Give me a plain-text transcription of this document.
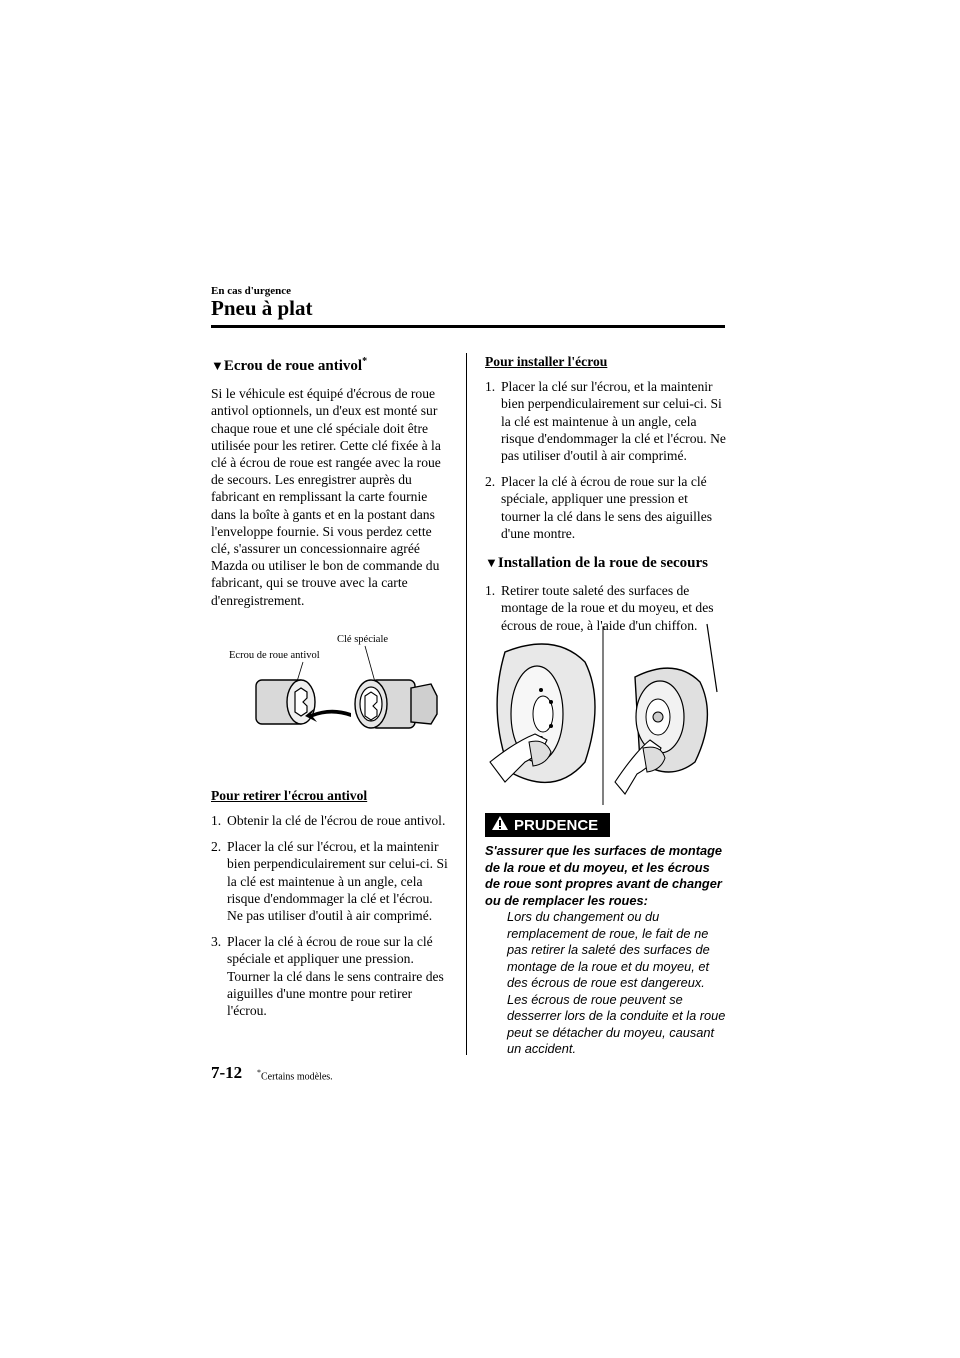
En cas d'urgence
Pneu à plat
▼Ecrou de roue antivol*

Si le véhicule est équipé d'écrous de roue antivol optionnels, un d'eux est monté sur chaque roue et une clé spéciale doit être utilisée pour les retirer. Cette clé fixée à la clé à écrou de roue est rangée avec la roue de secours. Les enregistrer auprès du fabricant en remplissant la carte fournie dans la boîte à gants et en la postant dans l'enveloppe fournie. Si vous perdez cette clé, s'assurer un concessionnaire agréé Mazda ou utiliser le bon de commande du fabricant, qui se trouve avec la carte d'enregistrement.

Pour retirer l'écrou antivol
1. Obtenir la clé de l'écrou de roue antivol.
2. Placer la clé sur l'écrou, et la maintenir bien perpendiculairement sur celui-ci. Si la clé est maintenue à un angle, cela risque d'endommager la clé et l'écrou. Ne pas utiliser d'outil à air comprimé.
3. Placer la clé à écrou de roue sur la clé spéciale et appliquer une pression. Tourner la clé dans le sens contraire des aiguilles d'une montre pour retirer l'écrou.
Ecrou de roue antivol
Clé spéciale
Pour installer l'écrou
1. Placer la clé sur l'écrou, et la maintenir bien perpendiculairement sur celui-ci. Si la clé est maintenue à un angle, cela risque d'endommager la clé et l'écrou. Ne pas utiliser d'outil à air comprimé.
2. Placer la clé à écrou de roue sur la clé spéciale, appliquer une pression et tourner la clé dans le sens des aiguilles d'une montre.
▼Installation de la roue de secours
1. Retirer toute saleté des surfaces de montage de la roue et du moyeu, et des écrous de roue, à l'aide d'un chiffon.
PRUDENCE

S'assurer que les surfaces de montage de la roue et du moyeu, et les écrous de roue sont propres avant de changer ou de remplacer les roues:

Lors du changement ou du remplacement de roue, le fait de ne pas retirer la saleté des surfaces de montage de la roue et du moyeu, et des écrous de roue est dangereux. Les écrous de roue peuvent se desserrer lors de la conduite et la roue peut se détacher du moyeu, causant un accident.

7-12 *Certains modèles.
